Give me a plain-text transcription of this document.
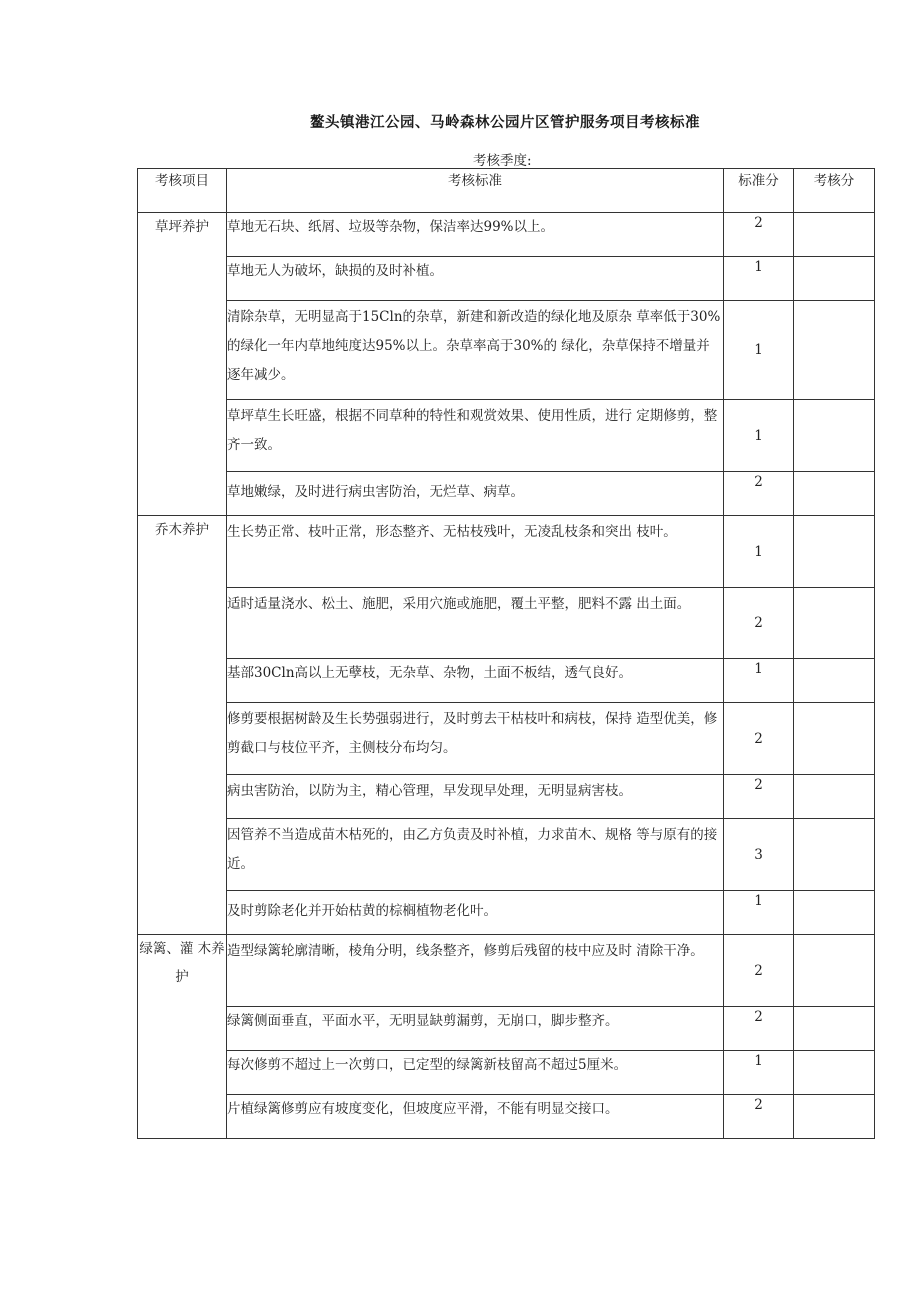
鳌头镇港江公园、马岭森林公园片区管护服务项目考核标准
考核季度:
考核项目	考核标准	标准分	考核分
草坪养护	草地无石块、纸屑、垃圾等杂物，保洁率达99%以上。	2	
	草地无人为破坏，缺损的及时补植。	1	
	清除杂草，无明显高于15Cln的杂草，新建和新改造的绿化地及原杂 草率低于30%的绿化一年内草地纯度达95%以上。杂草率高于30%的 绿化，杂草保持不增量并逐年减少。	1	
	草坪草生长旺盛，根据不同草种的特性和观赏效果、使用性质，进行 定期修剪，整齐一致。	1	
	草地嫩绿，及时进行病虫害防治，无烂草、病草。	2	
乔木养护	生长势正常、枝叶正常，形态整齐、无枯枝残叶，无凌乱枝条和突出 枝叶。	1	
	适时适量浇水、松土、施肥，采用穴施或施肥，覆土平整，肥料不露 出土面。	2	
	基部30Cln高以上无孽枝，无杂草、杂物，土面不板结，透气良好。	1	
	修剪要根据树龄及生长势强弱进行，及时剪去干枯枝叶和病枝，保持 造型优美，修剪截口与枝位平齐，主侧枝分布均匀。	2	
	病虫害防治，以防为主，精心管理，早发现早处理，无明显病害枝。	2	
	因管养不当造成苗木枯死的，由乙方负责及时补植，力求苗木、规格 等与原有的接近。	3	
	及时剪除老化并开始枯黄的棕榈植物老化叶。	1	
绿篱、灌 木养护	造型绿篱轮廓清晰，棱角分明，线条整齐，修剪后残留的枝中应及时 清除干净。	2	
	绿篱侧面垂直，平面水平，无明显缺剪漏剪，无崩口，脚步整齐。	2	
	每次修剪不超过上一次剪口，已定型的绿篱新枝留高不超过5厘米。	1	
	片植绿篱修剪应有坡度变化，但坡度应平滑，不能有明显交接口。	2	
